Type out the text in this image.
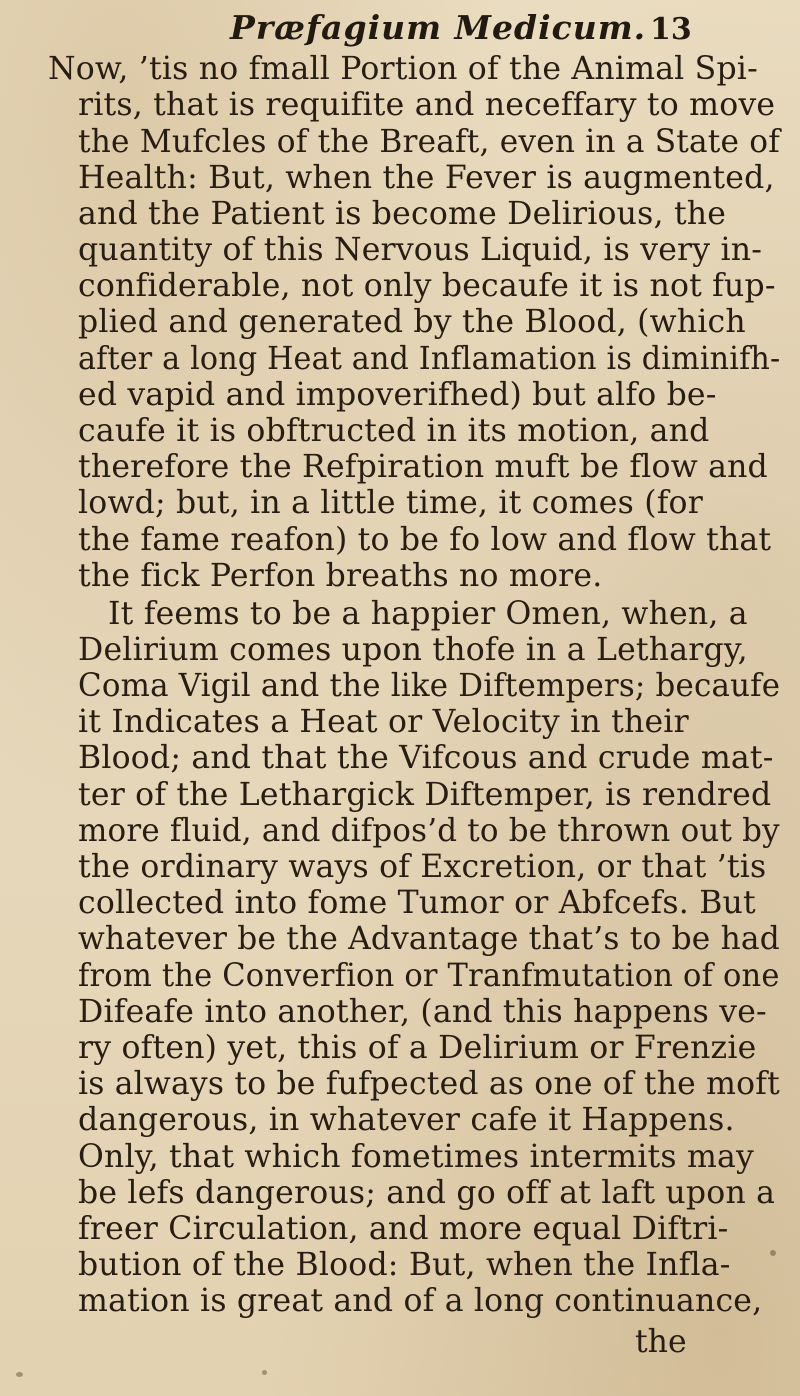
Præfagium Medicum. 13
Now, ’tis no fmall Portion of the Animal Spi-
rits, that is requifite and neceffary to move
the Mufcles of the Breaft, even in a State of
Health: But, when the Fever is augmented,
and the Patient is become Delirious, the
quantity of this Nervous Liquid, is very in-
confiderable, not only becaufe it is not fup-
plied and generated by the Blood, (which
after a long Heat and Inflamation is diminifh-
ed vapid and impoverifhed) but alfo be-
caufe it is obftructed in its motion, and
therefore the Refpiration muft be flow and
lowd; but, in a little time, it comes (for
the fame reafon) to be fo low and flow that
the fick Perfon breaths no more.
It feems to be a happier Omen, when, a
Delirium comes upon thofe in a Lethargy,
Coma Vigil and the like Diftempers; becaufe
it Indicates a Heat or Velocity in their
Blood; and that the Vifcous and crude mat-
ter of the Lethargick Diftemper, is rendred
more fluid, and difpos’d to be thrown out by
the ordinary ways of Excretion, or that ’tis
collected into fome Tumor or Abfcefs. But
whatever be the Advantage that’s to be had
from the Converfion or Tranfmutation of one
Difeafe into another, (and this happens ve-
ry often) yet, this of a Delirium or Frenzie
is always to be fufpected as one of the moft
dangerous, in whatever cafe it Happens.
Only, that which fometimes intermits may
be lefs dangerous; and go off at laft upon a
freer Circulation, and more equal Diftri-
bution of the Blood: But, when the Infla-
mation is great and of a long continuance,
the
